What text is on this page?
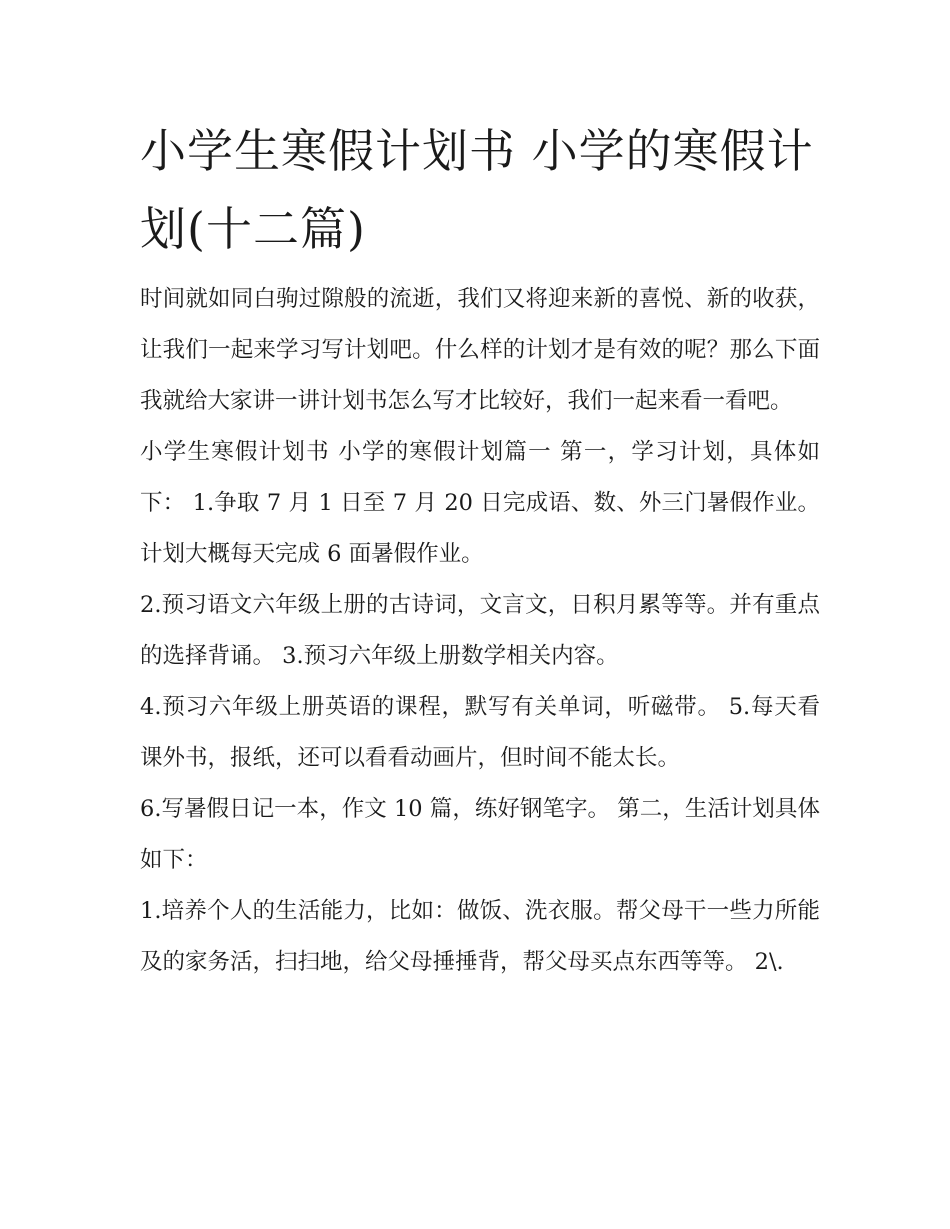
小学生寒假计划书 小学的寒假计划(十二篇)

时间就如同白驹过隙般的流逝，我们又将迎来新的喜悦、新的收获，让我们一起来学习写计划吧。什么样的计划才是有效的呢？那么下面我就给大家讲一讲计划书怎么写才比较好，我们一起来看一看吧。

小学生寒假计划书 小学的寒假计划篇一 第一，学习计划，具体如下： 1.争取 7 月 1 日至 7 月 20 日完成语、数、外三门暑假作业。计划大概每天完成 6 面暑假作业。

2.预习语文六年级上册的古诗词，文言文，日积月累等等。并有重点的选择背诵。 3.预习六年级上册数学相关内容。

4.预习六年级上册英语的课程，默写有关单词，听磁带。 5.每天看课外书，报纸，还可以看看动画片，但时间不能太长。

6.写暑假日记一本，作文 10 篇，练好钢笔字。 第二，生活计划具体如下：

1.培养个人的生活能力，比如：做饭、洗衣服。帮父母干一些力所能及的家务活，扫扫地，给父母捶捶背，帮父母买点东西等等。 2\.
